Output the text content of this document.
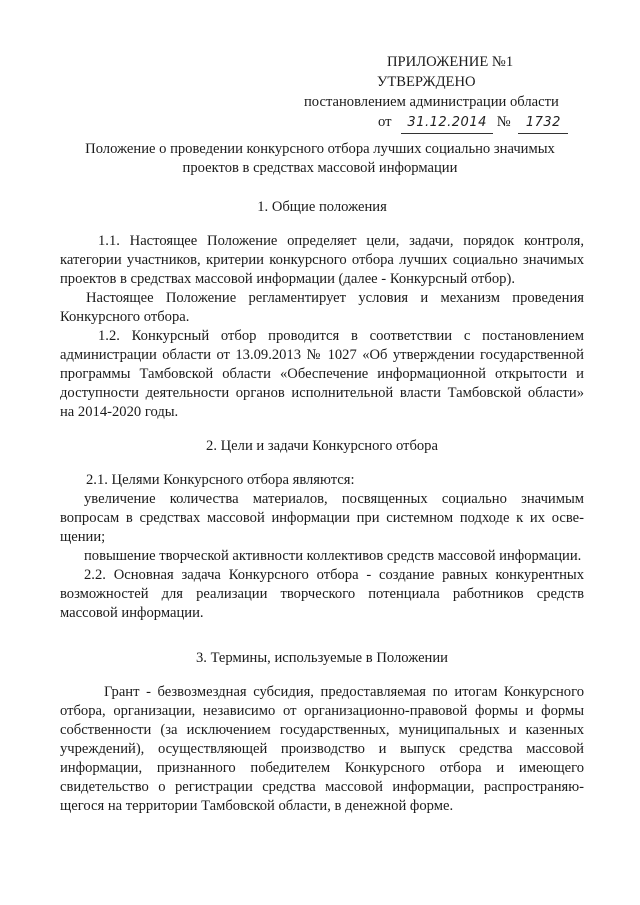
ПРИЛОЖЕНИЕ №1
УТВЕРЖДЕНО
постановлением администрации области
от 31.12.2014 № 1732
Положение о проведении конкурсного отбора лучших социально значимых
проектов в средствах массовой информации
1. Общие положения

1.1. Настоящее Положение определяет цели, задачи, порядок контроля, категории участников, критерии конкурсного отбора лучших социально значимых проектов в средствах массовой информации (далее - Конкурсный отбор).

Настоящее Положение регламентирует условия и механизм проведения Конкурсного отбора.

1.2. Конкурсный отбор проводится в соответствии с постановлением администрации области от 13.09.2013 № 1027 «Об утверждении государственной программы Тамбовской области «Обеспечение информационной открытости и доступности деятельности органов исполнительной власти Тамбовской области» на 2014-2020 годы.

2. Цели и задачи Конкурсного отбора

2.1. Целями Конкурсного отбора являются:

увеличение количества материалов, посвященных социально значимым вопросам в средствах массовой информации при системном подходе к их осве-щении;

повышение творческой активности коллективов средств массовой информации.

2.2. Основная задача Конкурсного отбора - создание равных конкурентных возможностей для реализации творческого потенциала работников средств массовой информации.

3. Термины, используемые в Положении

Грант - безвозмездная субсидия, предоставляемая по итогам Конкурсного отбора, организации, независимо от организационно-правовой формы и формы собственности (за исключением государственных, муниципальных и казенных учреждений), осуществляющей производство и выпуск средства массовой информации, признанного победителем Конкурсного отбора и имеющего свидетельство о регистрации средства массовой информации, распространяю-щегося на территории Тамбовской области, в денежной форме.
